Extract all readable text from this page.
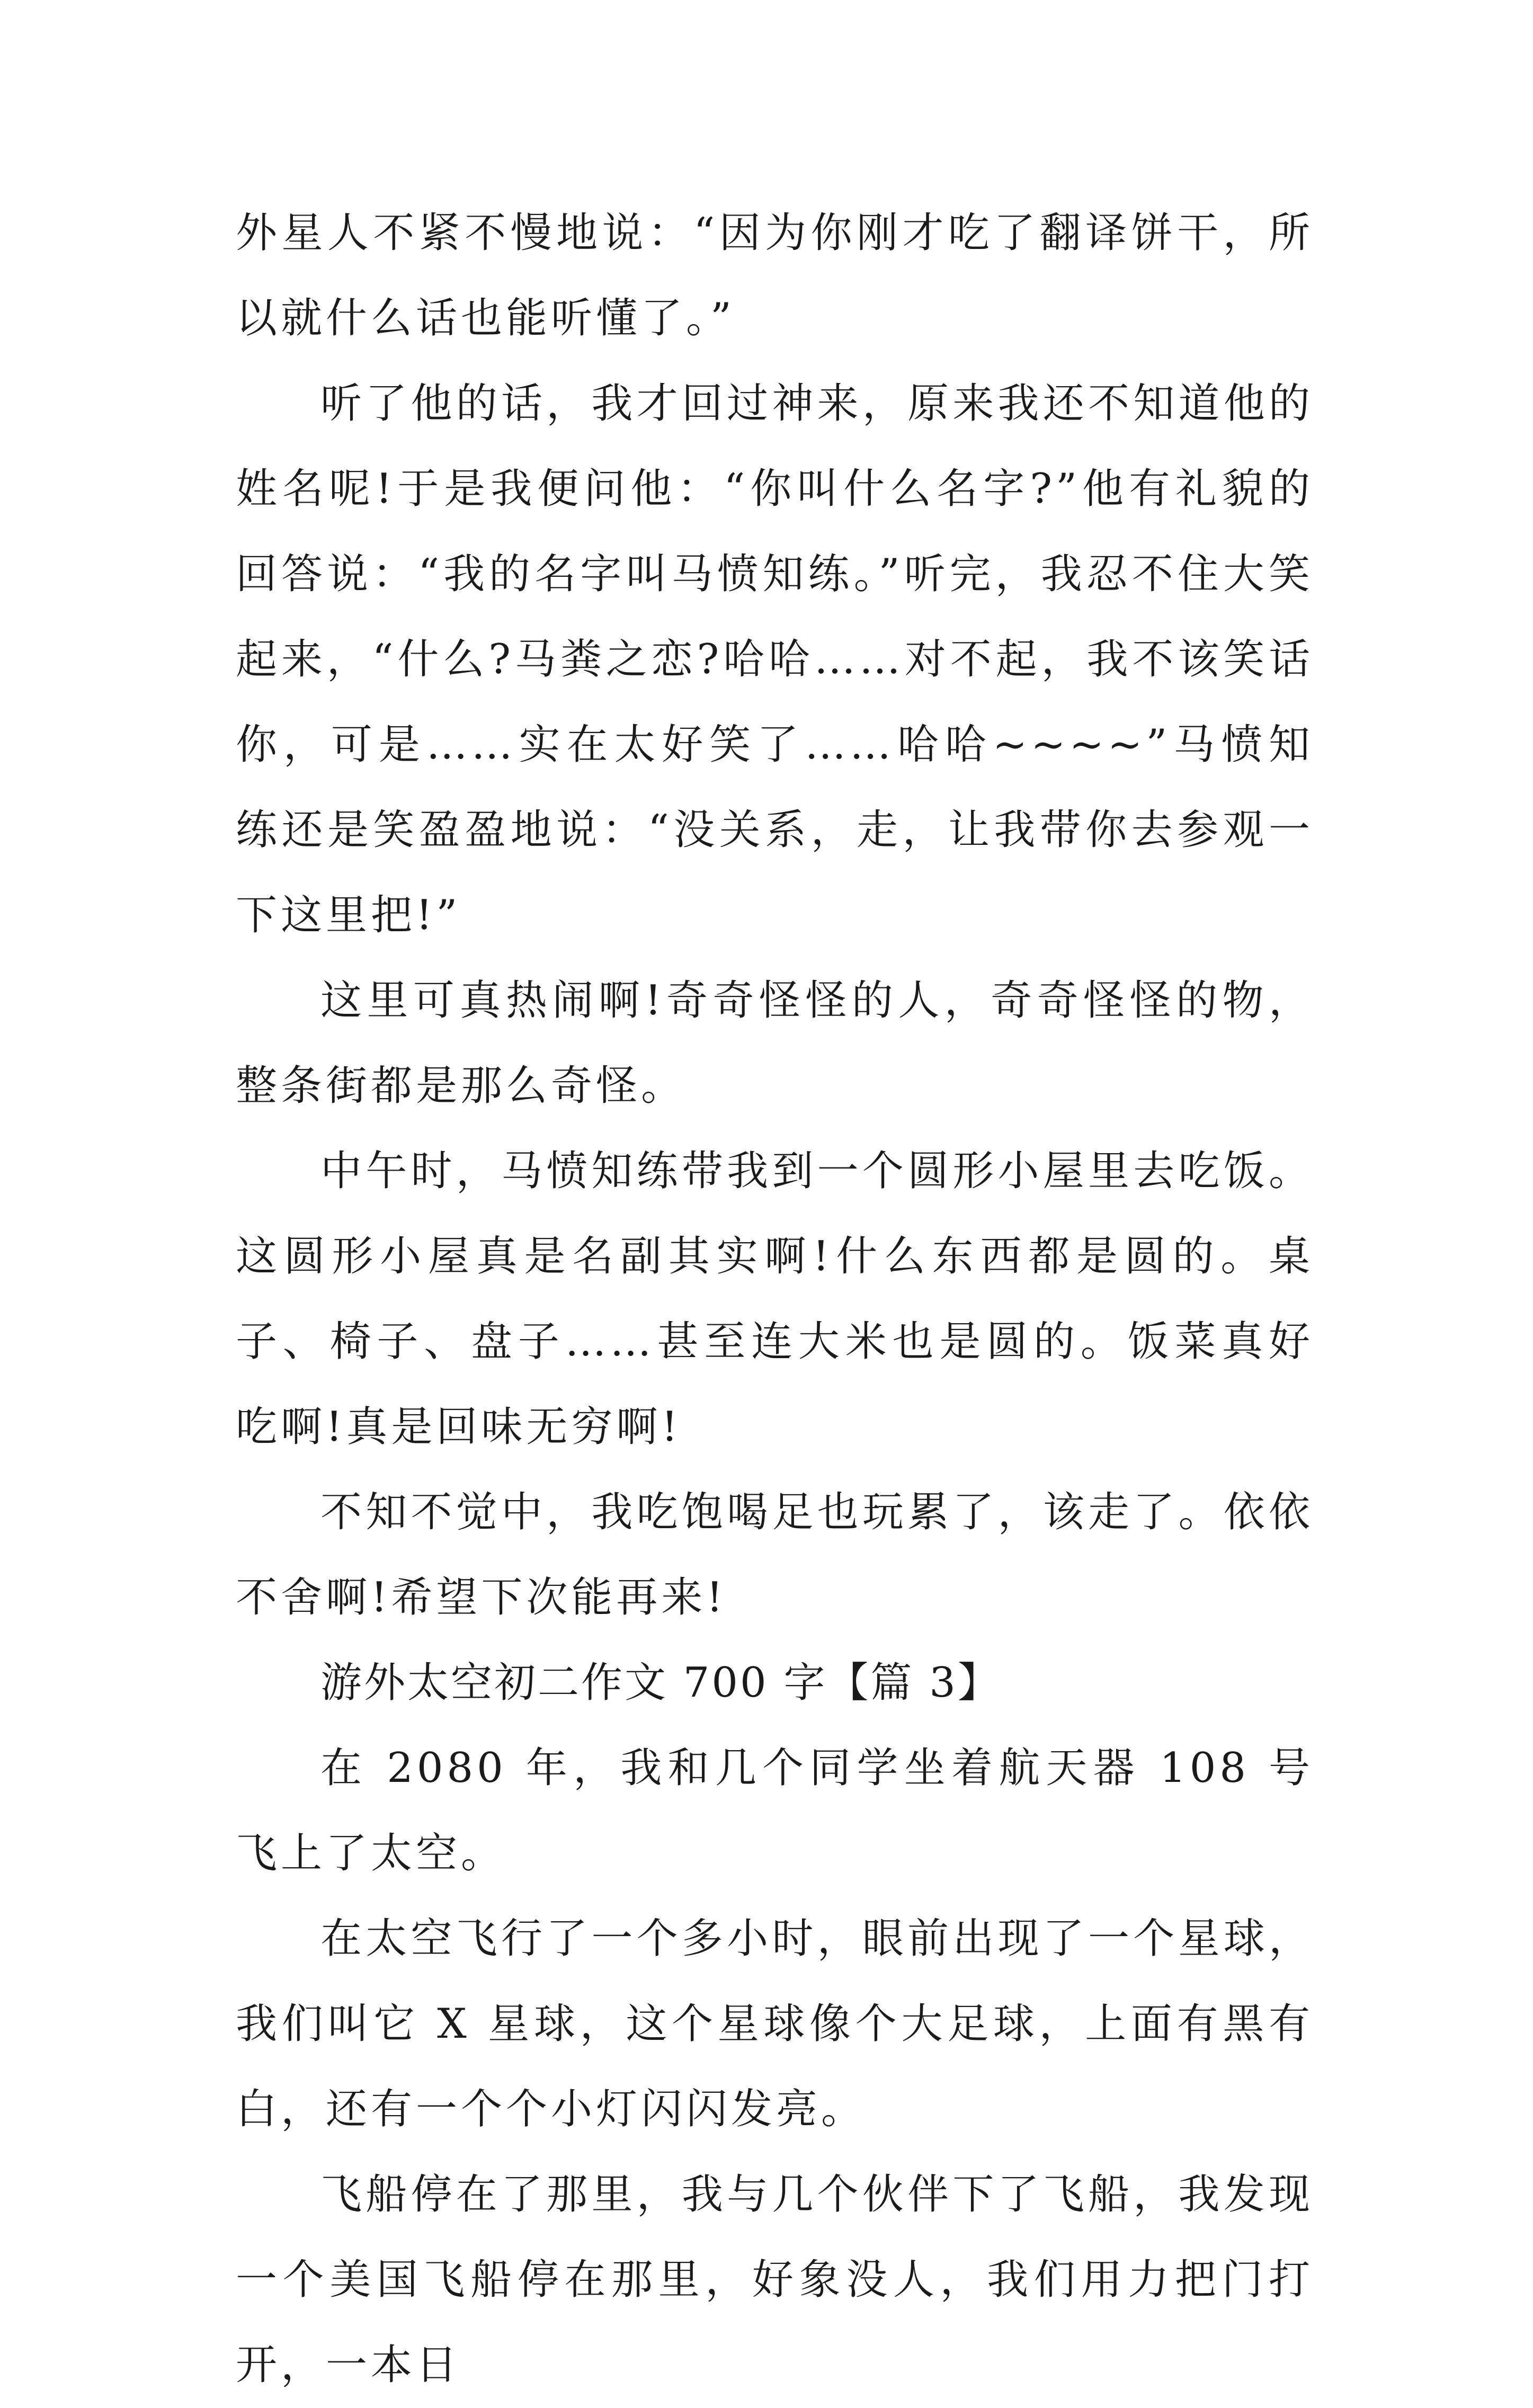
外星人不紧不慢地说：“因为你刚才吃了翻译饼干，所以就什么话也能听懂了。”

听了他的话，我才回过神来，原来我还不知道他的姓名呢!于是我便问他：“你叫什么名字?”他有礼貌的回答说：“我的名字叫马愤知练。”听完，我忍不住大笑起来，“什么?马粪之恋?哈哈……对不起，我不该笑话你，可是……实在太好笑了……哈哈~~~~”马愤知练还是笑盈盈地说：“没关系，走，让我带你去参观一下这里把!”

这里可真热闹啊!奇奇怪怪的人，奇奇怪怪的物，整条街都是那么奇怪。

中午时，马愤知练带我到一个圆形小屋里去吃饭。这圆形小屋真是名副其实啊!什么东西都是圆的。桌子、椅子、盘子……甚至连大米也是圆的。饭菜真好吃啊!真是回味无穷啊!

不知不觉中，我吃饱喝足也玩累了，该走了。依依不舍啊!希望下次能再来!

游外太空初二作文 700 字【篇 3】

在 2080 年，我和几个同学坐着航天器 108 号飞上了太空。

在太空飞行了一个多小时，眼前出现了一个星球，我们叫它 X 星球，这个星球像个大足球，上面有黑有白，还有一个个小灯闪闪发亮。

飞船停在了那里，我与几个伙伴下了飞船，我发现一个美国飞船停在那里，好象没人，我们用力把门打开，一本日
